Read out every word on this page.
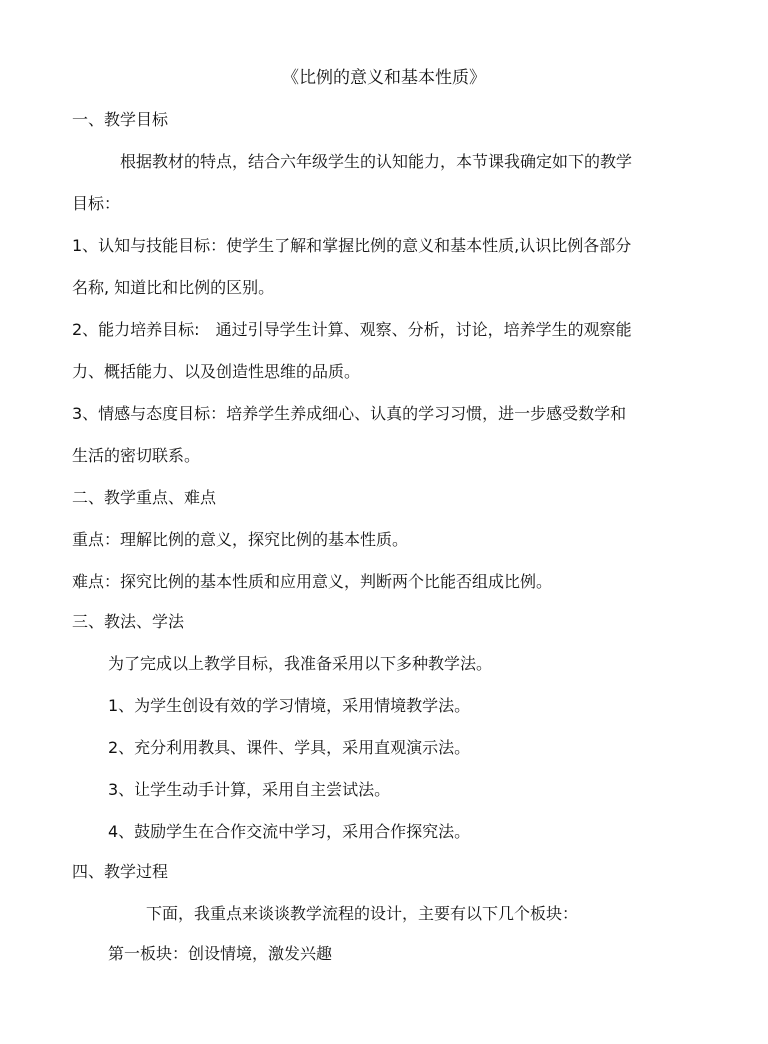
《比例的意义和基本性质》
一、教学目标
根据教材的特点，结合六年级学生的认知能力，本节课我确定如下的教学
目标：
1、认知与技能目标：使学生了解和掌握比例的意义和基本性质,认识比例各部分
名称, 知道比和比例的区别。
2、能力培养目标:　通过引导学生计算、观察、分析，讨论，培养学生的观察能
力、概括能力、以及创造性思维的品质。
3、情感与态度目标：培养学生养成细心、认真的学习习惯，进一步感受数学和
生活的密切联系。
二、教学重点、难点
重点：理解比例的意义，探究比例的基本性质。
难点：探究比例的基本性质和应用意义，判断两个比能否组成比例。
三、教法、学法
为了完成以上教学目标，我准备采用以下多种教学法。
1、为学生创设有效的学习情境，采用情境教学法。
2、充分利用教具、课件、学具，采用直观演示法。
3、让学生动手计算，采用自主尝试法。
4、鼓励学生在合作交流中学习，采用合作探究法。
四、教学过程
下面，我重点来谈谈教学流程的设计，主要有以下几个板块：
第一板块：创设情境，激发兴趣
